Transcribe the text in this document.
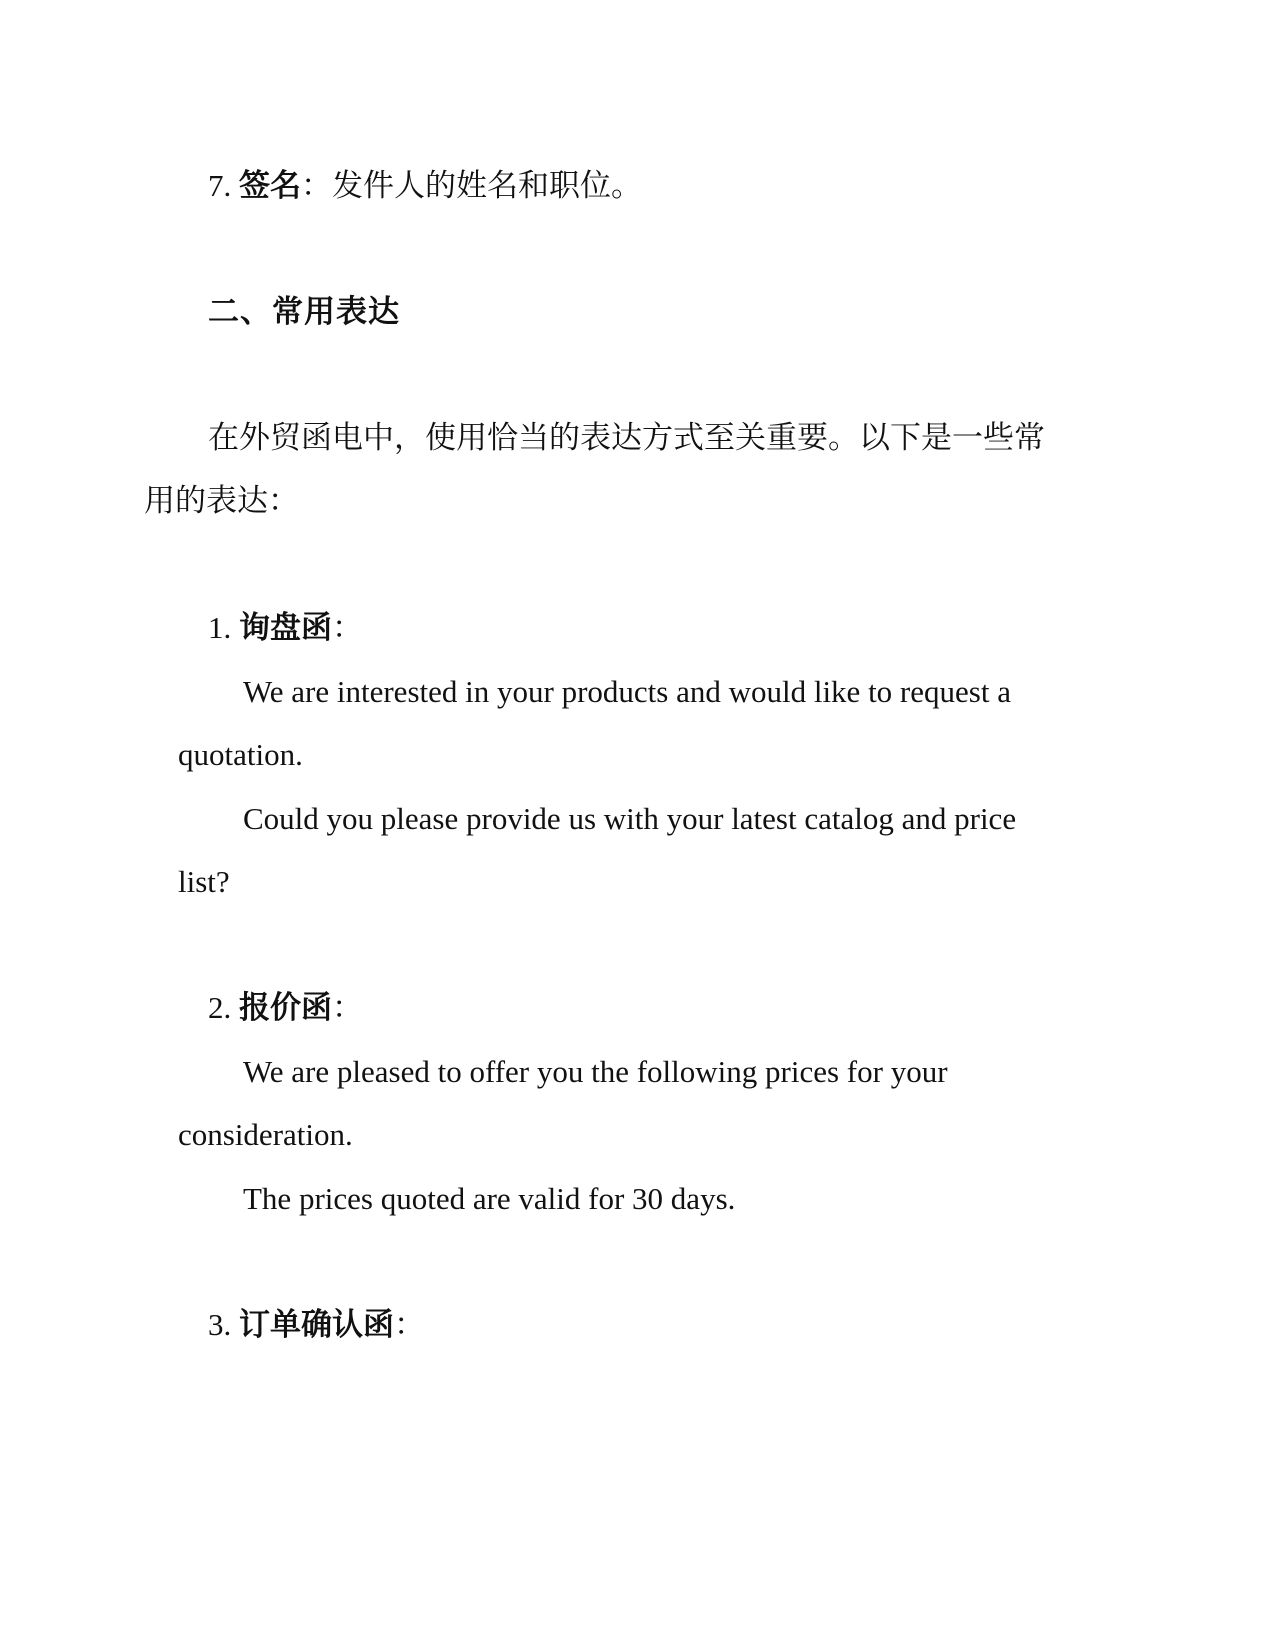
7. 签名：发件人的姓名和职位。
二、常用表达
在外贸函电中，使用恰当的表达方式至关重要。以下是一些常
用的表达：
1. 询盘函：
We are interested in your products and would like to request a
quotation.
Could you please provide us with your latest catalog and price
list?
2. 报价函：
We are pleased to offer you the following prices for your
consideration.
The prices quoted are valid for 30 days.
3. 订单确认函：
